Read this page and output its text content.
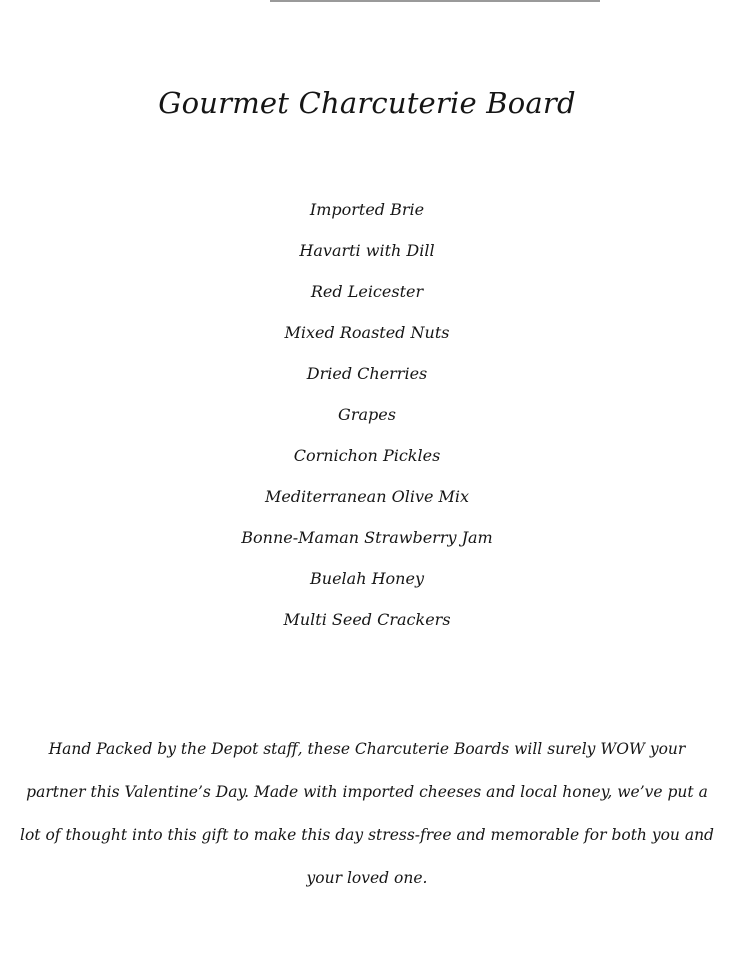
Gourmet Charcuterie Board
Imported Brie
Havarti with Dill
Red Leicester
Mixed Roasted Nuts
Dried Cherries
Grapes
Cornichon Pickles
Mediterranean Olive Mix
Bonne-Maman Strawberry Jam
Buelah Honey
Multi Seed Crackers

Hand Packed by the Depot staff, these Charcuterie Boards will surely WOW your partner this Valentine’s Day. Made with imported cheeses and local honey, we’ve put a lot of thought into this gift to make this day stress-free and memorable for both you and your loved one.
